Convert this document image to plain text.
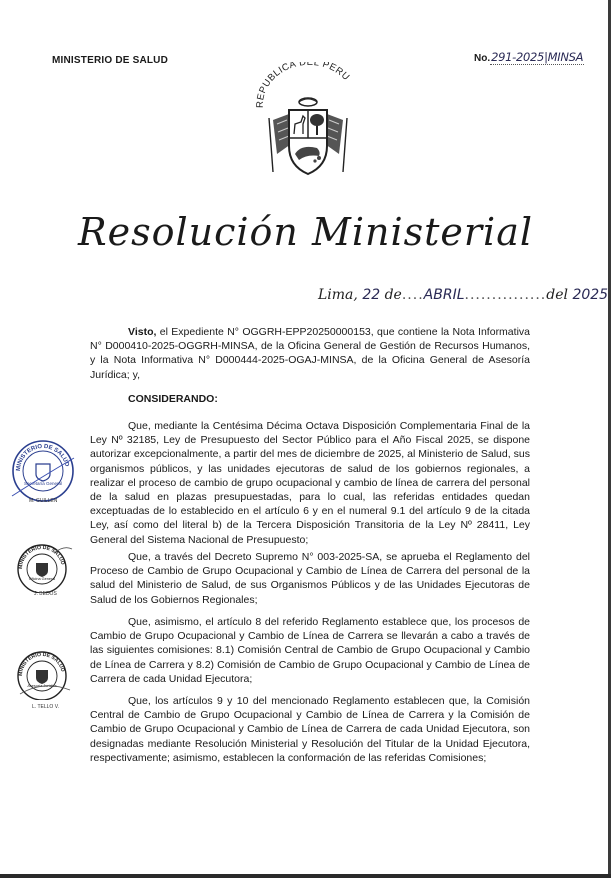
MINISTERIO DE SALUD	No.291-2025|MINSA
REPUBLICA DEL PERU
Resolución Ministerial
Lima, 22 de....ABRIL...............del 2025

Visto, el Expediente N° OGGRH-EPP20250000153, que contiene la Nota Informativa N° D000410-2025-OGGRH-MINSA, de la Oficina General de Gestión de Recursos Humanos, y la Nota Informativa N° D000444-2025-OGAJ-MINSA, de la Oficina General de Asesoría Jurídica; y,

CONSIDERANDO:

Que, mediante la Centésima Décima Octava Disposición Complementaria Final de la Ley Nº 32185, Ley de Presupuesto del Sector Público para el Año Fiscal 2025, se dispone autorizar excepcionalmente, a partir del mes de diciembre de 2025, al Ministerio de Salud, sus organismos públicos, y las unidades ejecutoras de salud de los gobiernos regionales, a realizar el proceso de cambio de grupo ocupacional y cambio de línea de carrera del personal de la salud en plazas presupuestadas, para lo cual, las referidas entidades quedan exceptuadas de lo establecido en el artículo 6 y en el numeral 9.1 del artículo 9 de la citada Ley, así como del literal b) de la Tercera Disposición Transitoria de la Ley Nº 28411, Ley General del Sistema Nacional de Presupuesto;

Que, a través del Decreto Supremo N° 003-2025-SA, se aprueba el Reglamento del Proceso de Cambio de Grupo Ocupacional y Cambio de Línea de Carrera del personal de la salud del Ministerio de Salud, de sus Organismos Públicos y de las Unidades Ejecutoras de Salud de los Gobiernos Regionales;

Que, asimismo, el artículo 8 del referido Reglamento establece que, los procesos de Cambio de Grupo Ocupacional y Cambio de Línea de Carrera se llevarán a cabo a través de las siguientes comisiones: 8.1) Comisión Central de Cambio de Grupo Ocupacional y Cambio de Línea de Carrera y 8.2) Comisión de Cambio de Grupo Ocupacional y Cambio de Línea de Carrera de cada Unidad Ejecutora;

Que, los artículos 9 y 10 del mencionado Reglamento establecen que, la Comisión Central de Cambio de Grupo Ocupacional y Cambio de Línea de Carrera y la Comisión de Cambio de Grupo Ocupacional y Cambio de Línea de Carrera de cada Unidad Ejecutora, son designadas mediante Resolución Ministerial y Resolución del Titular de la Unidad Ejecutora, respectivamente; asimismo, establecen la conformación de las referidas Comisiones;

MINISTERIO DE SALUD
Secretaría General
M. GUILLEN
MINISTERIO DE SALUD
Oficina General
J. BEDOS
MINISTERIO DE SALUD
Asesoría Jurídica
L. TELLO V.
